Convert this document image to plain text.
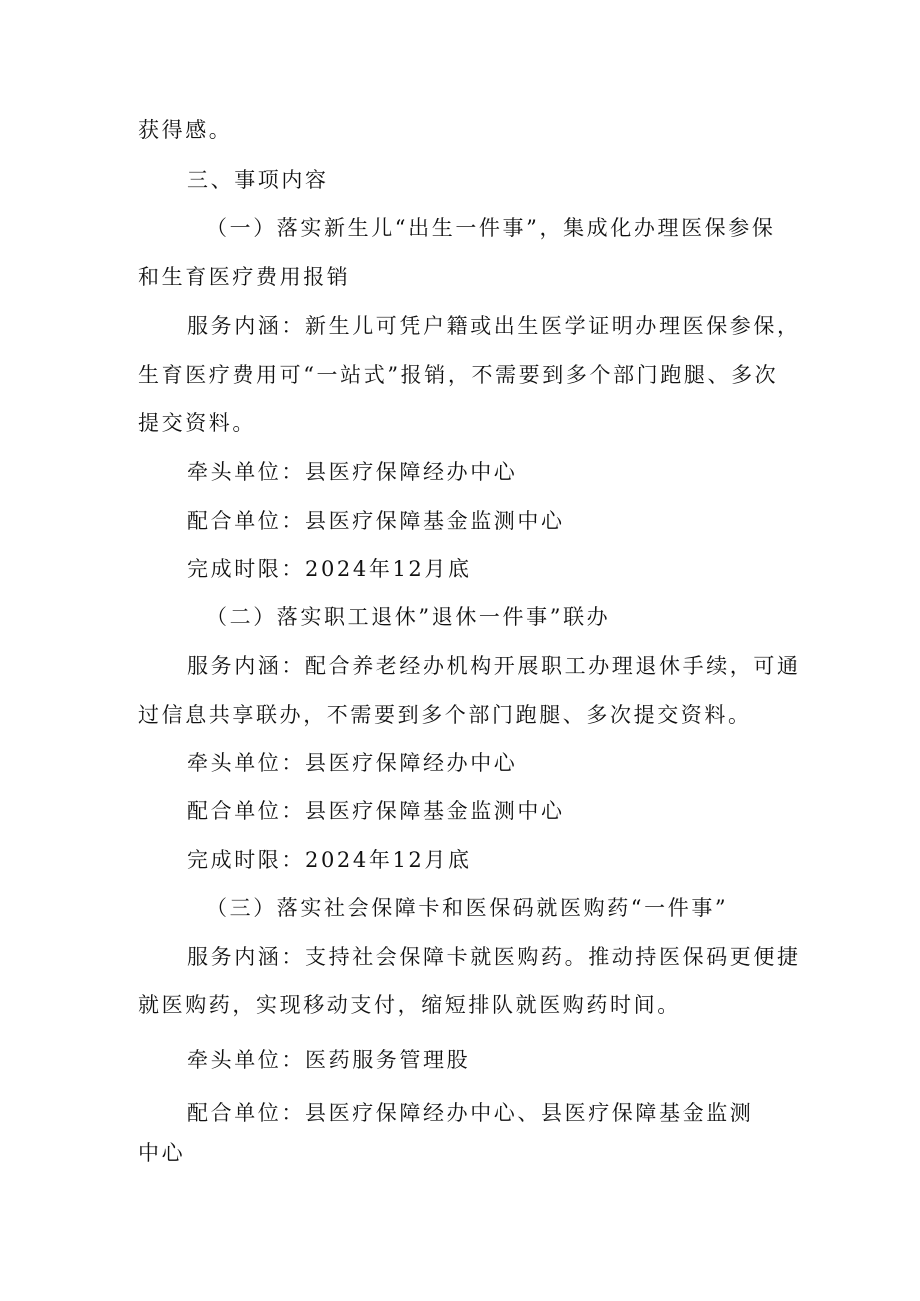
获得感。
三、事项内容
（一）落实新生儿“出生一件事”，集成化办理医保参保
和生育医疗费用报销
服务内涵：新生儿可凭户籍或出生医学证明办理医保参保，
生育医疗费用可“一站式”报销，不需要到多个部门跑腿、多次
提交资料。
牵头单位：县医疗保障经办中心
配合单位：县医疗保障基金监测中心
完成时限：2024年12月底
（二）落实职工退休”退休一件事”联办
服务内涵：配合养老经办机构开展职工办理退休手续，可通
过信息共享联办，不需要到多个部门跑腿、多次提交资料。
牵头单位：县医疗保障经办中心
配合单位：县医疗保障基金监测中心
完成时限：2024年12月底
（三）落实社会保障卡和医保码就医购药“一件事”
服务内涵：支持社会保障卡就医购药。推动持医保码更便捷
就医购药，实现移动支付，缩短排队就医购药时间。
牵头单位：医药服务管理股
配合单位：县医疗保障经办中心、县医疗保障基金监测
中心
